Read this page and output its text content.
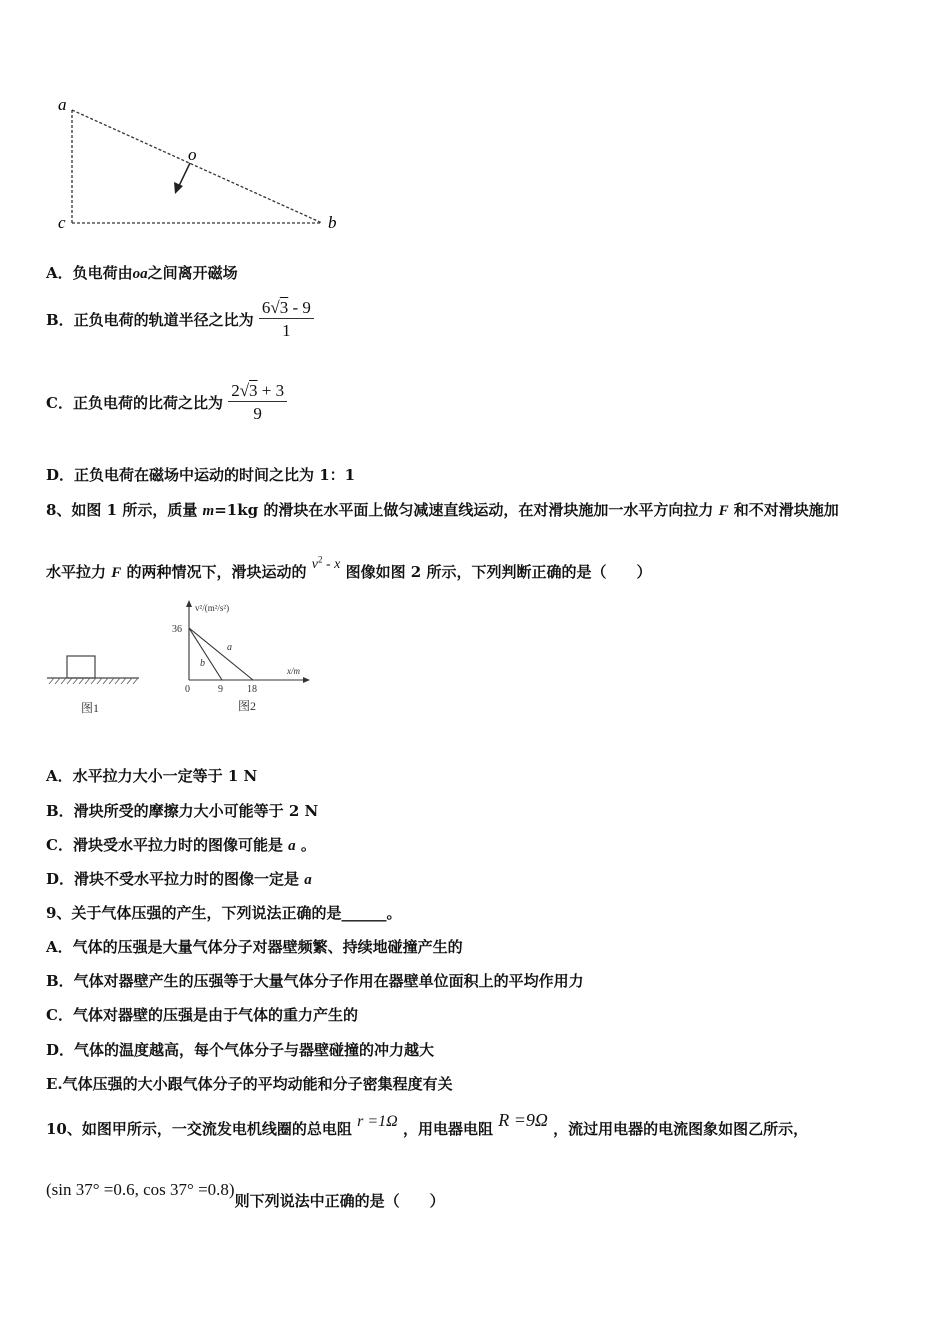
a
o
c	b
A．负电荷由oa之间离开磁场
B．正负电荷的轨道半径之比为 $\frac{6√3 - 9}{1}$
C．正负电荷的比荷之比为 $\frac{2√3 + 3}{9}$
D．正负电荷在磁场中运动的时间之比为 1：1
8、如图 1 所示，质量 m=1kg 的滑块在水平面上做匀减速直线运动，在对滑块施加一水平方向拉力 F 和不对滑块施加
水平拉力 F 的两种情况下，滑块运动的 $v^2$ - x 图像如图 2 所示，下列判断正确的是（　　）
图1
v²/(m²/s²)
x/m
36
0	9 18
a
b
图2
A．水平拉力大小一定等于 1 N
B．滑块所受的摩擦力大小可能等于 2 N
C．滑块受水平拉力时的图像可能是 a 。
D．滑块不受水平拉力时的图像一定是 a
9、关于气体压强的产生，下列说法正确的是______。
A．气体的压强是大量气体分子对器壁频繁、持续地碰撞产生的
B．气体对器壁产生的压强等于大量气体分子作用在器壁单位面积上的平均作用力
C．气体对器壁的压强是由于气体的重力产生的
D．气体的温度越高，每个气体分子与器壁碰撞的冲力越大
E.气体压强的大小跟气体分子的平均动能和分子密集程度有关
10、如图甲所示，一交流发电机线圈的总电阻 r =1Ω ，用电器电阻 R =9Ω ，流过用电器的电流图象如图乙所示，
(sin 37° =0.6, cos 37° =0.8)则下列说法中正确的是（　　）
